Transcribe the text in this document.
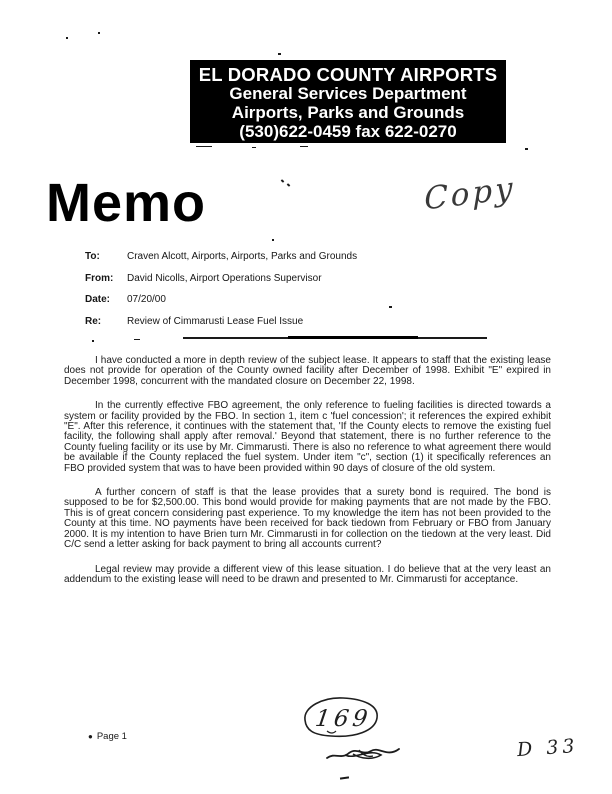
EL DORADO COUNTY AIRPORTS
General Services Department
Airports, Parks and Grounds
(530)622-0459 fax 622-0270
Memo	Copy
To:	Craven Alcott, Airports, Airports, Parks and Grounds
From:	David Nicolls, Airport Operations Supervisor
Date:	07/20/00
Re:	Review of Cimmarusti Lease Fuel Issue

I have conducted a more in depth review of the subject lease. It appears to staff that the existing lease does not provide for operation of the County owned facility after December of 1998. Exhibit "E" expired in December 1998, concurrent with the mandated closure on December 22, 1998.

In the currently effective FBO agreement, the only reference to fueling facilities is directed towards a system or facility provided by the FBO. In section 1, item c 'fuel concession'; it references the expired exhibit "E". After this reference, it continues with the statement that, 'If the County elects to remove the existing fuel facility, the following shall apply after removal.' Beyond that statement, there is no further reference to the County fueling facility or its use by Mr. Cimmarusti. There is also no reference to what agreement there would be available if the County replaced the fuel system. Under item "c", section (1) it specifically references an FBO provided system that was to have been provided within 90 days of closure of the old system.

A further concern of staff is that the lease provides that a surety bond is required. The bond is supposed to be for $2,500.00. This bond would provide for making payments that are not made by the FBO. This is of great concern considering past experience. To my knowledge the item has not been provided to the County at this time. NO payments have been received for back tiedown from February or FBO from January 2000. It is my intention to have Brien turn Mr. Cimmarusti in for collection on the tiedown at the very least. Did C/C send a letter asking for back payment to bring all accounts current?

Legal review may provide a different view of this lease situation. I do believe that at the very least an addendum to the existing lease will need to be drawn and presented to Mr. Cimmarusti for acceptance.

● Page 1
169
D 33
